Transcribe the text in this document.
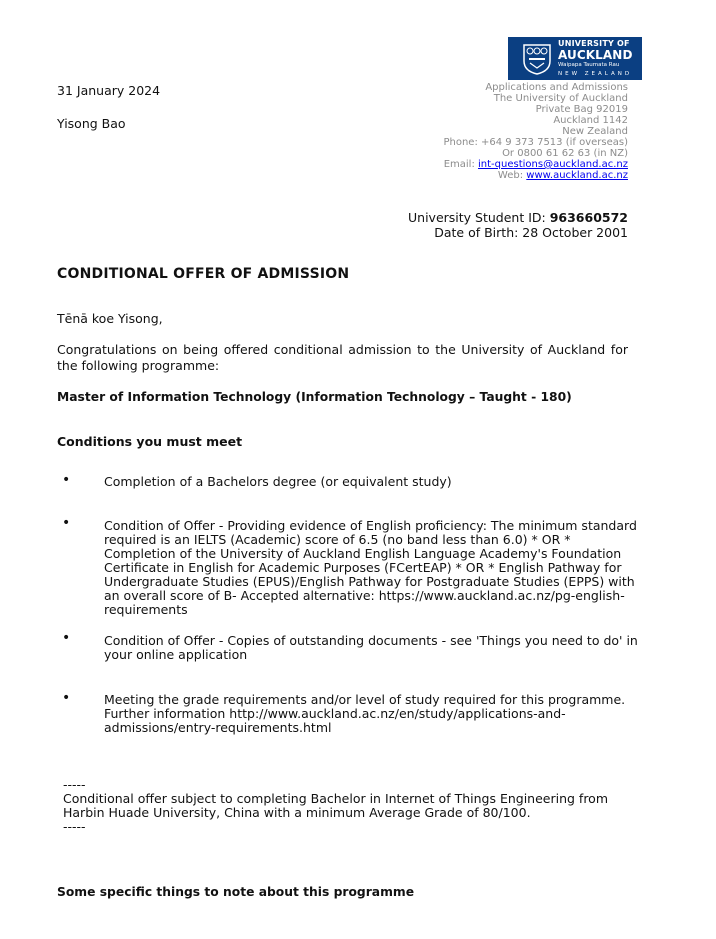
UNIVERSITY OF
AUCKLAND
Waipapa Taumata Rau
NEW ZEALAND
31 January 2024
Yisong Bao
Applications and Admissions
The University of Auckland
Private Bag 92019
Auckland 1142
New Zealand
Phone: +64 9 373 7513 (if overseas)
Or 0800 61 62 63 (in NZ)
Email: int-questions@auckland.ac.nz
Web: www.auckland.ac.nz
University Student ID: 963660572
Date of Birth: 28 October 2001
CONDITIONAL OFFER OF ADMISSION
Tēnā koe Yisong,
Congratulations on being offered conditional admission to the University of Auckland for the following programme:
Master of Information Technology (Information Technology – Taught - 180)
Conditions you must meet
•	Completion of a Bachelors degree (or equivalent study)
•	Condition of Offer - Providing evidence of English proficiency: The minimum standard required is an IELTS (Academic) score of 6.5 (no band less than 6.0) * OR * Completion of the University of Auckland English Language Academy's Foundation Certificate in English for Academic Purposes (FCertEAP) * OR * English Pathway for Undergraduate Studies (EPUS)/English Pathway for Postgraduate Studies (EPPS) with an overall score of B- Accepted alternative: https://www.auckland.ac.nz/pg-english-requirements
•	Condition of Offer - Copies of outstanding documents - see 'Things you need to do' in your online application
•	Meeting the grade requirements and/or level of study required for this programme. Further information http://www.auckland.ac.nz/en/study/applications-and-admissions/entry-requirements.html
-----
Conditional offer subject to completing Bachelor in Internet of Things Engineering from Harbin Huade University, China with a minimum Average Grade of 80/100.
-----
Some specific things to note about this programme
